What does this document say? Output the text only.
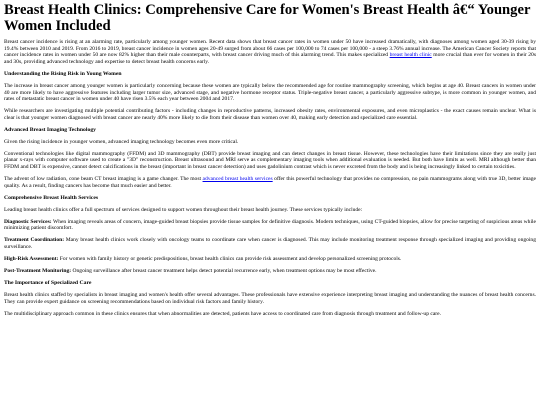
Breast Health Clinics: Comprehensive Care for Women's Breast Health â€“ Younger Women Included

Breast cancer incidence is rising at an alarming rate, particularly among younger women. Recent data shows that breast cancer rates in women under 50 have increased dramatically, with diagnoses among women aged 30-39 rising by 19.4% between 2010 and 2019. From 2016 to 2019, breast cancer incidence in women ages 20-49 surged from about 66 cases per 100,000 to 74 cases per 100,000 - a steep 3.76% annual increase. The American Cancer Society reports that cancer incidence rates in women under 50 are now 82% higher than their male counterparts, with breast cancer driving much of this alarming trend. This makes specialized breast health clinic more crucial than ever for women in their 20s and 30s, providing advanced technology and expertise to detect breast health concerns early.

Understanding the Rising Risk in Young Women

The increase in breast cancer among younger women is particularly concerning because these women are typically below the recommended age for routine mammography screening, which begins at age 40. Breast cancers in women under 40 are more likely to have aggressive features including larger tumor size, advanced stage, and negative hormone receptor status. Triple-negative breast cancer, a particularly aggressive subtype, is more common in younger women, and rates of metastatic breast cancer in women under 40 have risen 3.5% each year between 2004 and 2017.

While researchers are investigating multiple potential contributing factors - including changes in reproductive patterns, increased obesity rates, environmental exposures, and even microplastics - the exact causes remain unclear. What is clear is that younger women diagnosed with breast cancer are nearly 40% more likely to die from their disease than women over 40, making early detection and specialized care essential.

Advanced Breast Imaging Technology

Given the rising incidence in younger women, advanced imaging technology becomes even more critical.

Conventional technologies like digital mammography (FFDM) and 3D mammography (DBT) provide breast imaging and can detect changes in breast tissue. However, these technologies have their limitations since they are really just planar x-rays with computer software used to create a "3D" reconstruction. Breast ultrasound and MRI serve as complementary imaging tools when additional evaluation is needed. But both have limits as well. MRI although better than FFDM and DBT is expensive, cannot detect calcifications in the breast (important in breast cancer detection) and uses gadolinium contrast which is never excreted from the body and is being increasingly linked to certain toxicities.

The advent of low radiation, cone beam CT breast imaging is a game changer. The most advanced breast health services offer this powerful technology that provides no compression, no pain mammograms along with true 3D, better image quality. As a result, finding cancers has become that much easier and better.

Comprehensive Breast Health Services

Leading breast health clinics offer a full spectrum of services designed to support women throughout their breast health journey. These services typically include:

Diagnostic Services: When imaging reveals areas of concern, image-guided breast biopsies provide tissue samples for definitive diagnosis. Modern techniques, using CT-guided biopsies, allow for precise targeting of suspicious areas while minimizing patient discomfort.

Treatment Coordination: Many breast health clinics work closely with oncology teams to coordinate care when cancer is diagnosed. This may include monitoring treatment response through specialized imaging and providing ongoing surveillance.

High-Risk Assessment: For women with family history or genetic predispositions, breast health clinics can provide risk assessment and develop personalized screening protocols.

Post-Treatment Monitoring: Ongoing surveillance after breast cancer treatment helps detect potential recurrence early, when treatment options may be most effective.

The Importance of Specialized Care

Breast health clinics staffed by specialists in breast imaging and women's health offer several advantages. These professionals have extensive experience interpreting breast imaging and understanding the nuances of breast health concerns. They can provide expert guidance on screening recommendations based on individual risk factors and family history.

The multidisciplinary approach common in these clinics ensures that when abnormalities are detected, patients have access to coordinated care from diagnosis through treatment and follow-up care.
